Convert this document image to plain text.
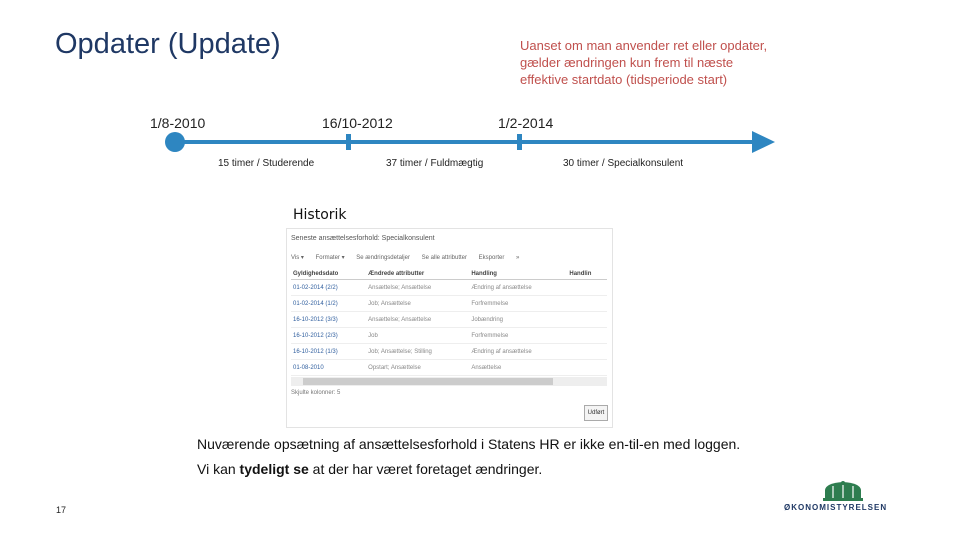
Opdater (Update)	Uanset om man anvender ret eller opdater,
gælder ændringen kun frem til næste
effektive startdato (tidsperiode start)
1/8-2010	16/10-2012	1/2-2014
15 timer / Studerende	37 timer / Fuldmægtig	30 timer / Specialkonsulent
Historik
Seneste ansættelsesforhold: Specialkonsulent
Vis ▾ Formater ▾ Se ændringsdetaljer Se alle attributter Eksporter »
Gyldighedsdato	Ændrede attributter	Handling	Handlin
01-02-2014 (2/2)	Ansættelse; Ansættelse	Ændring af ansættelse	
01-02-2014 (1/2)	Job; Ansættelse	Forfremmelse	
16-10-2012 (3/3)	Ansættelse; Ansættelse	Jobændring	
16-10-2012 (2/3)	Job	Forfremmelse	
16-10-2012 (1/3)	Job; Ansættelse; Stilling	Ændring af ansættelse	
01-08-2010	Opstart; Ansættelse	Ansættelse	
Skjulte kolonner: 5
Udført
Nuværende opsætning af ansættelsesforhold i Statens HR er ikke en-til-en med loggen.
Vi kan tydeligt se at der har været foretaget ændringer.
17	ØKONOMISTYRELSEN
